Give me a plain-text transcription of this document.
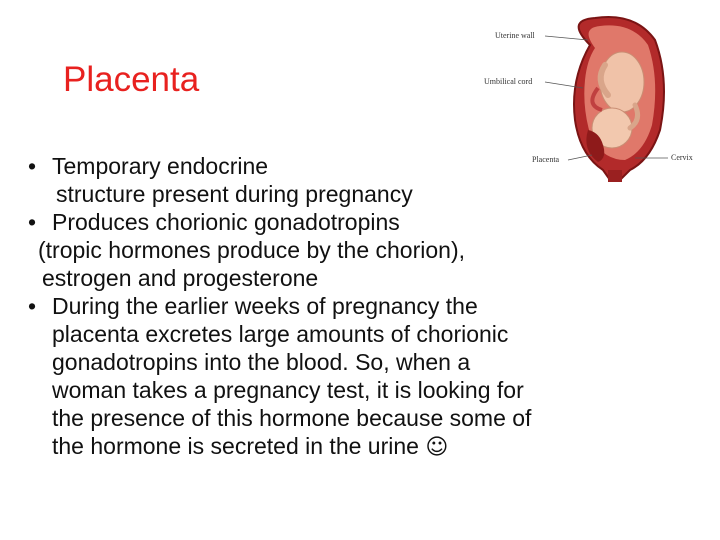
Placenta
Uterine wall
Umbilical cord
Placenta	Cervix
• Temporary endocrine
structure present during pregnancy
• Produces chorionic gonadotropins
(tropic hormones produce by the chorion),
estrogen and progesterone
• During the earlier weeks of pregnancy the
placenta excretes large amounts of chorionic
gonadotropins into the blood. So, when a
woman takes a pregnancy test, it is looking for
the presence of this hormone because some of
the hormone is secreted in the urine ☺
